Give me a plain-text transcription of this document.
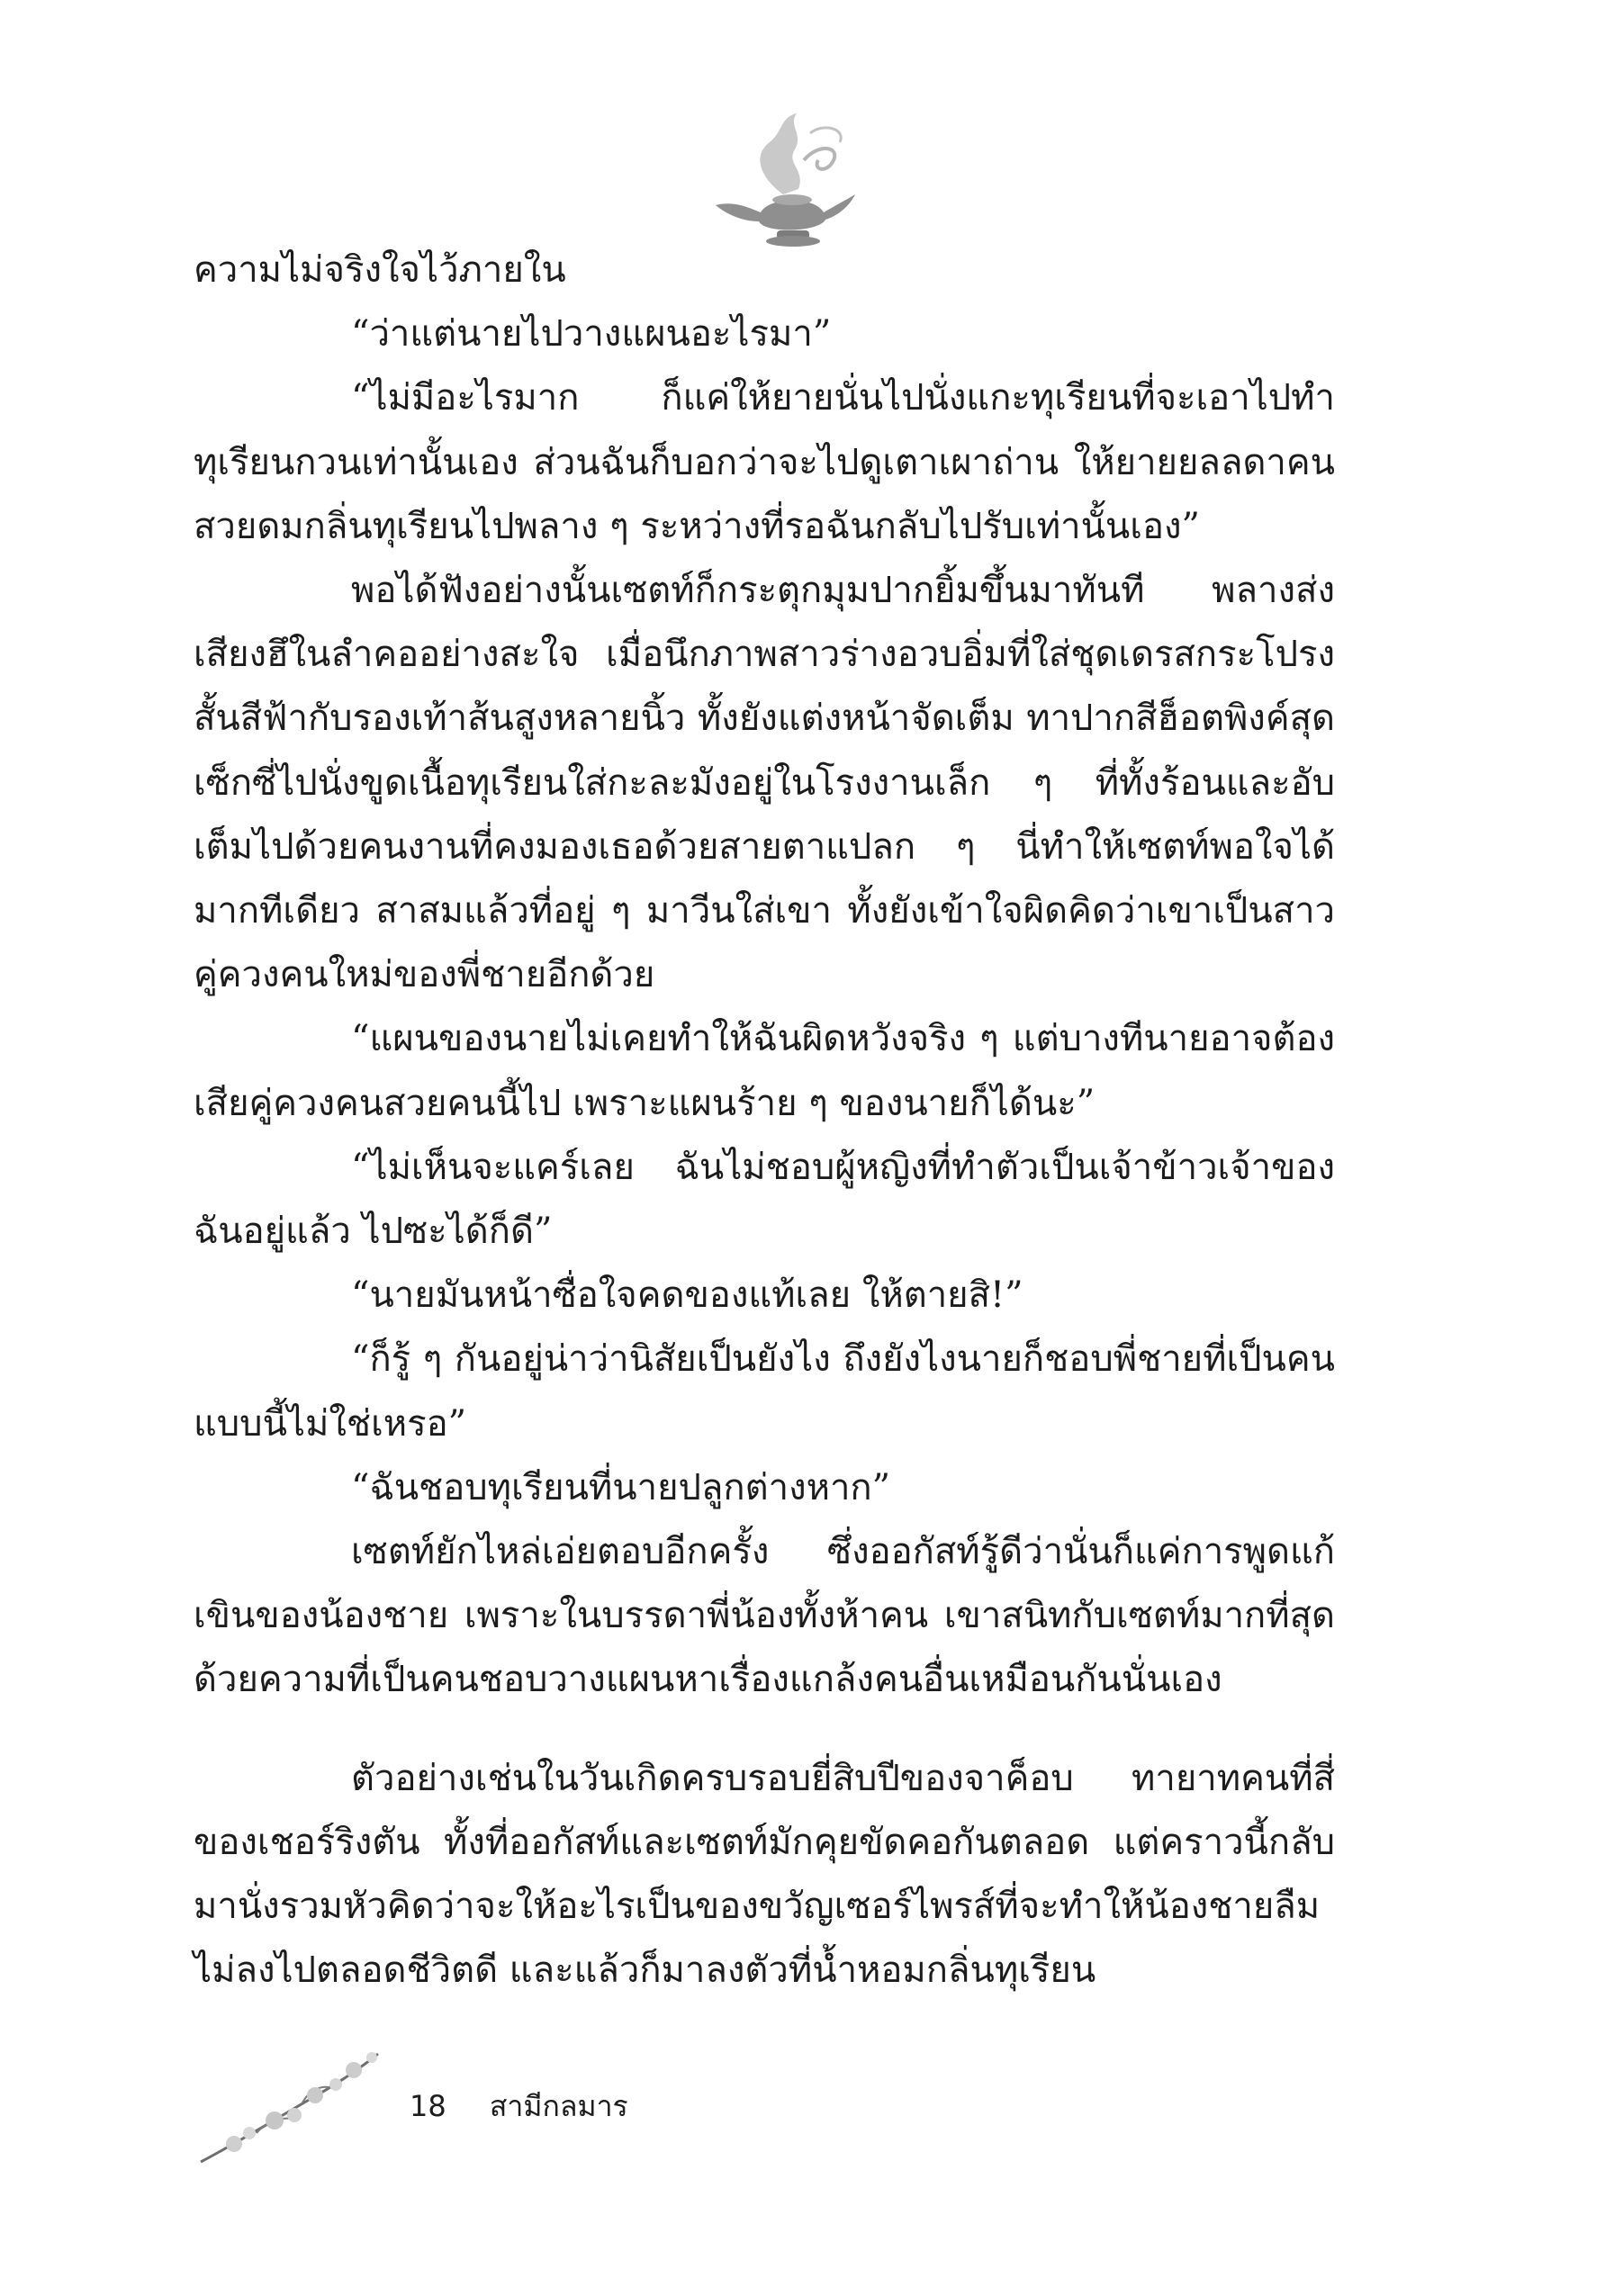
ความไม่จริงใจไว้ภายใน

“ว่าแต่นายไปวางแผนอะไรมา”

“ไม่มีอะไรมาก ก็แค่ให้ยายนั่นไปนั่งแกะทุเรียนที่จะเอาไปทำทุเรียนกวนเท่านั้นเอง ส่วนฉันก็บอกว่าจะไปดูเตาเผาถ่าน ให้ยายยลลดาคนสวยดมกลิ่นทุเรียนไปพลาง ๆ ระหว่างที่รอฉันกลับไปรับเท่านั้นเอง”

พอได้ฟังอย่างนั้นเซตท์ก็กระตุกมุมปากยิ้มขึ้นมาทันที พลางส่งเสียงฮึในลำคออย่างสะใจ เมื่อนึกภาพสาวร่างอวบอิ่มที่ใส่ชุดเดรสกระโปรงสั้นสีฟ้ากับรองเท้าส้นสูงหลายนิ้ว ทั้งยังแต่งหน้าจัดเต็ม ทาปากสีฮ็อตพิงค์สุดเซ็กซี่ไปนั่งขูดเนื้อทุเรียนใส่กะละมังอยู่ในโรงงานเล็ก ๆ ที่ทั้งร้อนและอับ เต็มไปด้วยคนงานที่คงมองเธอด้วยสายตาแปลก ๆ นี่ทำให้เซตท์พอใจได้มากทีเดียว สาสมแล้วที่อยู่ ๆ มาวีนใส่เขา ทั้งยังเข้าใจผิดคิดว่าเขาเป็นสาวคู่ควงคนใหม่ของพี่ชายอีกด้วย

“แผนของนายไม่เคยทำให้ฉันผิดหวังจริง ๆ แต่บางทีนายอาจต้องเสียคู่ควงคนสวยคนนี้ไป เพราะแผนร้าย ๆ ของนายก็ได้นะ”

“ไม่เห็นจะแคร์เลย ฉันไม่ชอบผู้หญิงที่ทำตัวเป็นเจ้าข้าวเจ้าของฉันอยู่แล้ว ไปซะได้ก็ดี”

“นายมันหน้าซื่อใจคดของแท้เลย ให้ตายสิ!”

“ก็รู้ ๆ กันอยู่น่าว่านิสัยเป็นยังไง ถึงยังไงนายก็ชอบพี่ชายที่เป็นคนแบบนี้ไม่ใช่เหรอ”

“ฉันชอบทุเรียนที่นายปลูกต่างหาก”

เซตท์ยักไหล่เอ่ยตอบอีกครั้ง ซึ่งออกัสท์รู้ดีว่านั่นก็แค่การพูดแก้เขินของน้องชาย เพราะในบรรดาพี่น้องทั้งห้าคน เขาสนิทกับเซตท์มากที่สุด ด้วยความที่เป็นคนชอบวางแผนหาเรื่องแกล้งคนอื่นเหมือนกันนั่นเอง

ตัวอย่างเช่นในวันเกิดครบรอบยี่สิบปีของจาค็อบ ทายาทคนที่สี่ของเชอร์ริงตัน ทั้งที่ออกัสท์และเซตท์มักคุยขัดคอกันตลอด แต่คราวนี้กลับมานั่งรวมหัวคิดว่าจะให้อะไรเป็นของขวัญเซอร์ไพรส์ที่จะทำให้น้องชายลืมไม่ลงไปตลอดชีวิตดี และแล้วก็มาลงตัวที่น้ำหอมกลิ่นทุเรียน

18 สามีกลมาร
